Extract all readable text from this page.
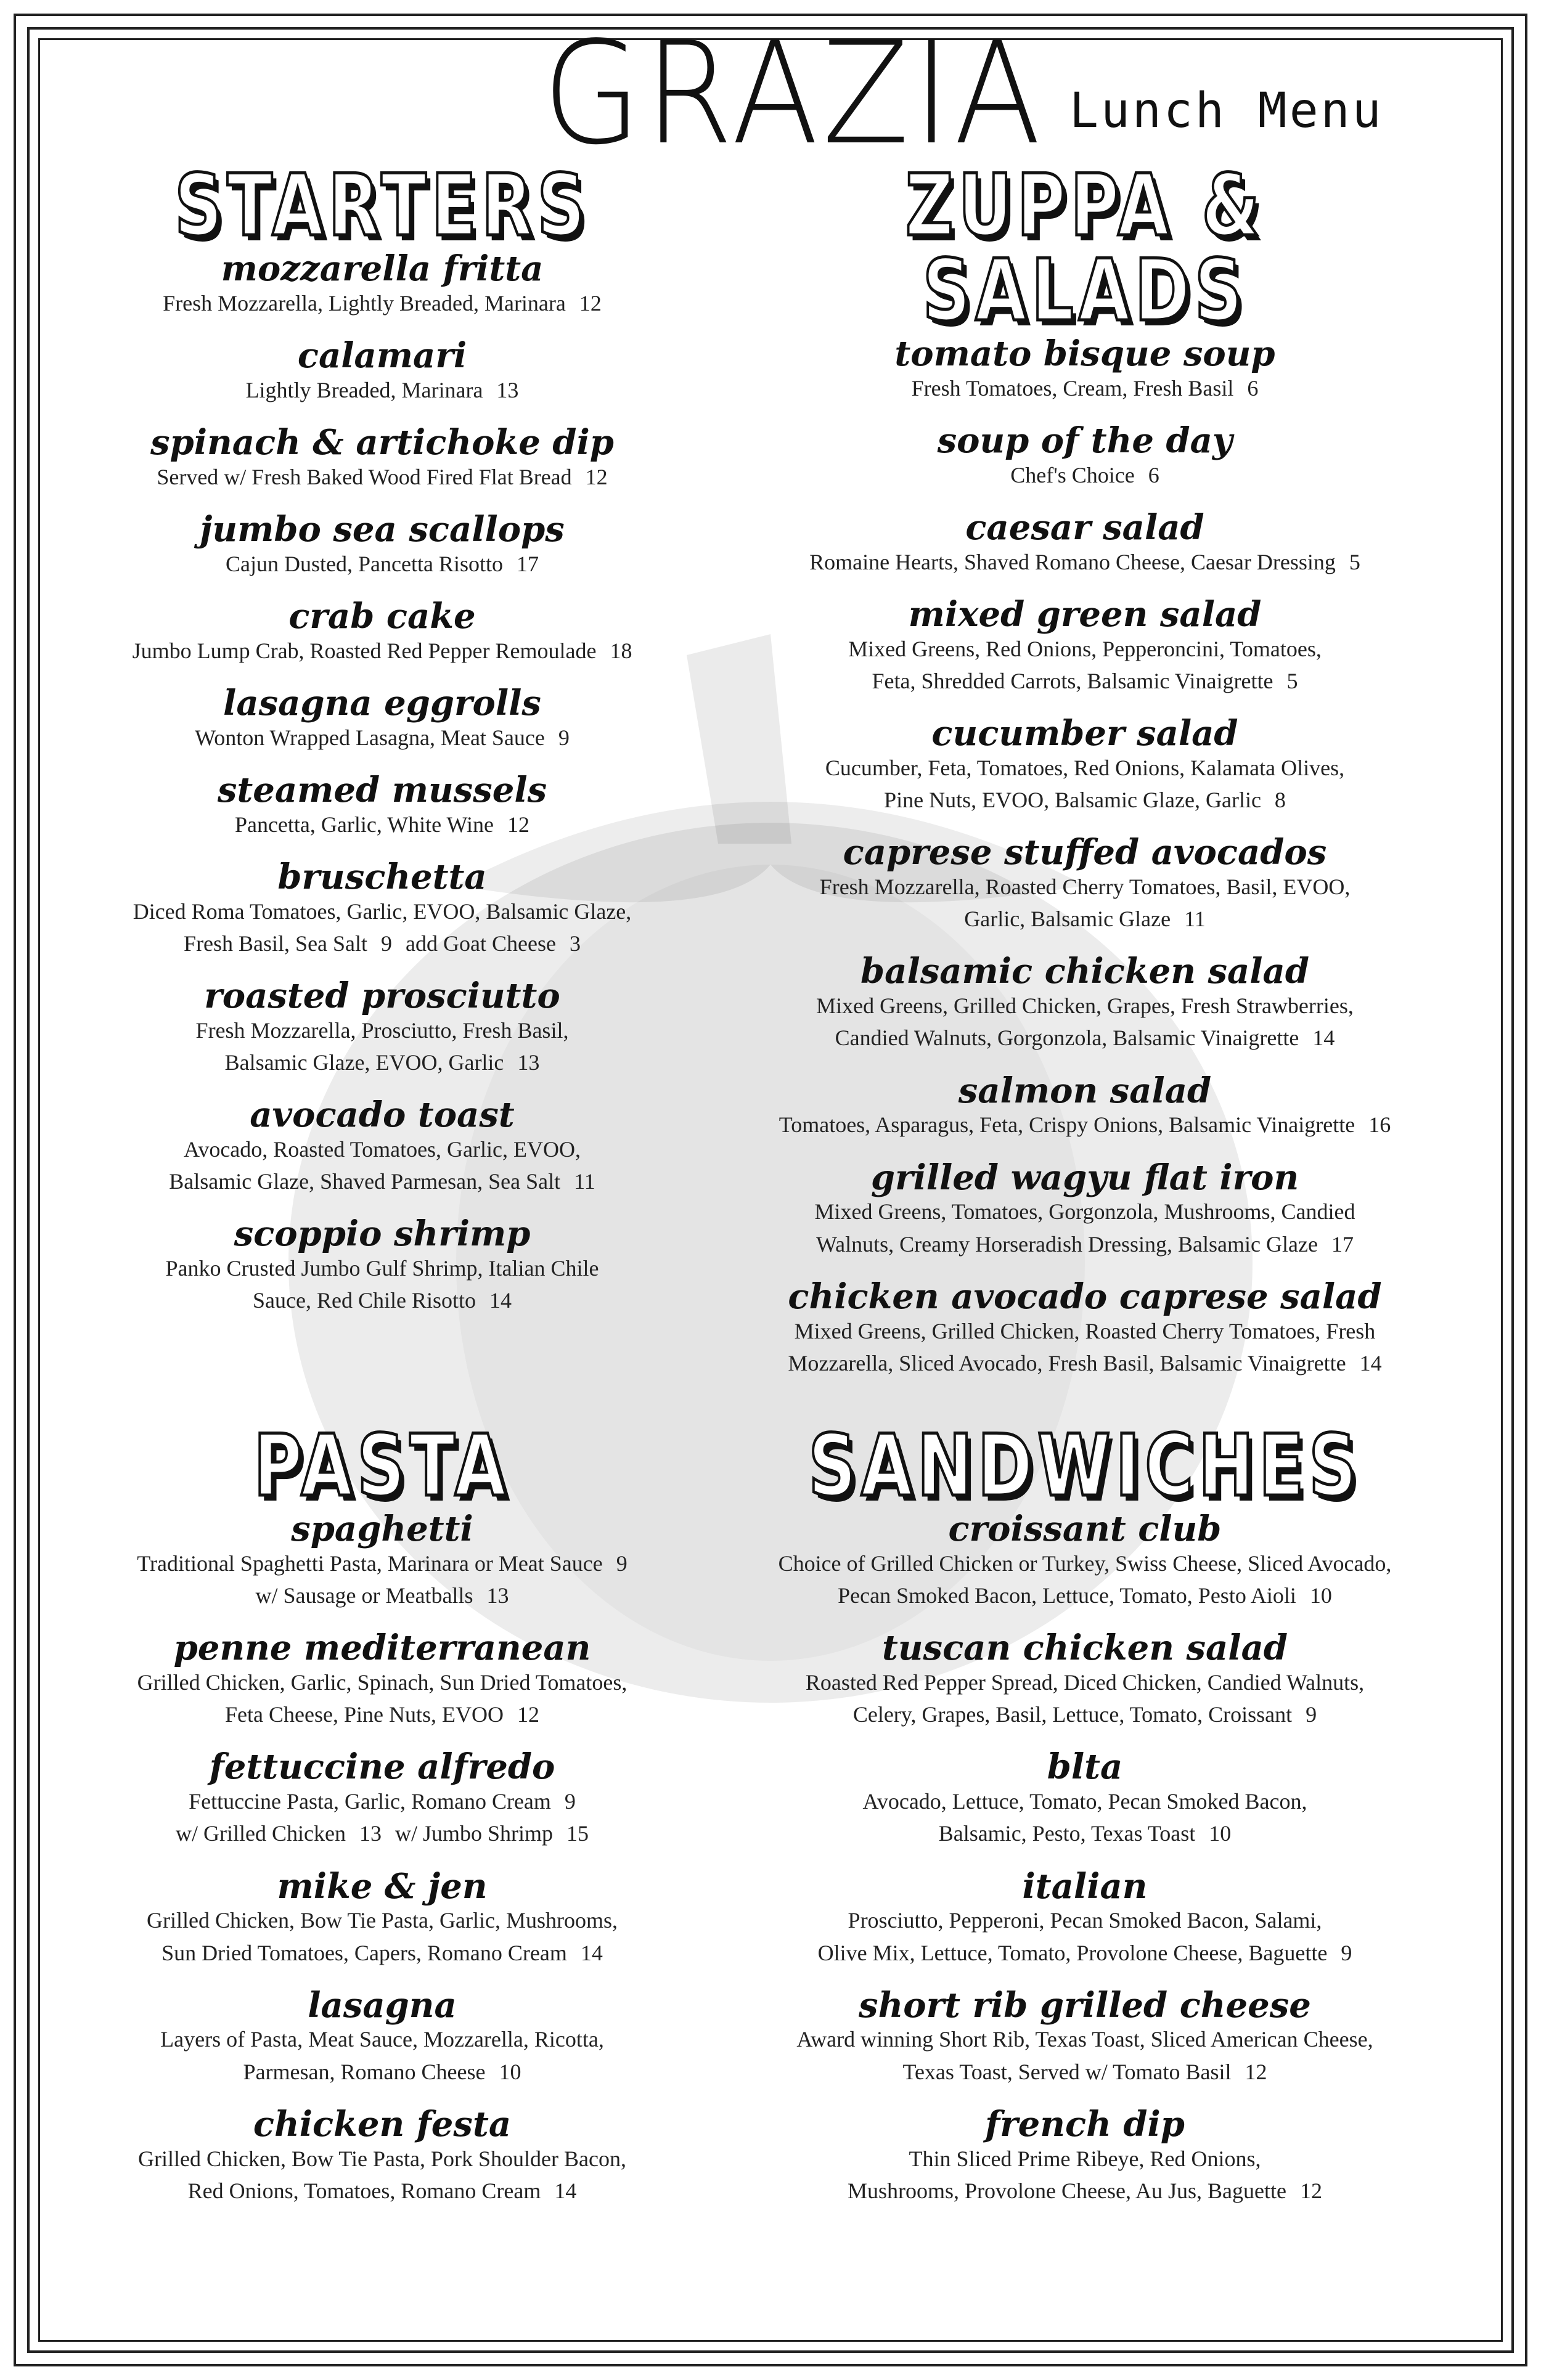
GRAZIA Lunch Menu
STARTERS
mozzarella fritta
Fresh Mozzarella, Lightly Breaded, Marinara 12
calamari
Lightly Breaded, Marinara 13
spinach & artichoke dip
Served w/ Fresh Baked Wood Fired Flat Bread 12
jumbo sea scallops
Cajun Dusted, Pancetta Risotto 17
crab cake
Jumbo Lump Crab, Roasted Red Pepper Remoulade 18
lasagna eggrolls
Wonton Wrapped Lasagna, Meat Sauce 9
steamed mussels
Pancetta, Garlic, White Wine 12
bruschetta
Diced Roma Tomatoes, Garlic, EVOO, Balsamic Glaze,
Fresh Basil, Sea Salt 9 add Goat Cheese 3
roasted prosciutto
Fresh Mozzarella, Prosciutto, Fresh Basil,
Balsamic Glaze, EVOO, Garlic 13
avocado toast
Avocado, Roasted Tomatoes, Garlic, EVOO,
Balsamic Glaze, Shaved Parmesan, Sea Salt 11
scoppio shrimp
Panko Crusted Jumbo Gulf Shrimp, Italian Chile
Sauce, Red Chile Risotto 14
ZUPPA & SALADS
tomato bisque soup
Fresh Tomatoes, Cream, Fresh Basil 6
soup of the day
Chef's Choice 6
caesar salad
Romaine Hearts, Shaved Romano Cheese, Caesar Dressing 5
mixed green salad
Mixed Greens, Red Onions, Pepperoncini, Tomatoes,
Feta, Shredded Carrots, Balsamic Vinaigrette 5
cucumber salad
Cucumber, Feta, Tomatoes, Red Onions, Kalamata Olives,
Pine Nuts, EVOO, Balsamic Glaze, Garlic 8
caprese stuffed avocados
Fresh Mozzarella, Roasted Cherry Tomatoes, Basil, EVOO,
Garlic, Balsamic Glaze 11
balsamic chicken salad
Mixed Greens, Grilled Chicken, Grapes, Fresh Strawberries,
Candied Walnuts, Gorgonzola, Balsamic Vinaigrette 14
salmon salad
Tomatoes, Asparagus, Feta, Crispy Onions, Balsamic Vinaigrette 16
grilled wagyu flat iron
Mixed Greens, Tomatoes, Gorgonzola, Mushrooms, Candied
Walnuts, Creamy Horseradish Dressing, Balsamic Glaze 17
chicken avocado caprese salad
Mixed Greens, Grilled Chicken, Roasted Cherry Tomatoes, Fresh
Mozzarella, Sliced Avocado, Fresh Basil, Balsamic Vinaigrette 14
PASTA
spaghetti
Traditional Spaghetti Pasta, Marinara or Meat Sauce 9
w/ Sausage or Meatballs 13
penne mediterranean
Grilled Chicken, Garlic, Spinach, Sun Dried Tomatoes,
Feta Cheese, Pine Nuts, EVOO 12
fettuccine alfredo
Fettuccine Pasta, Garlic, Romano Cream 9
w/ Grilled Chicken 13 w/ Jumbo Shrimp 15
mike & jen
Grilled Chicken, Bow Tie Pasta, Garlic, Mushrooms,
Sun Dried Tomatoes, Capers, Romano Cream 14
lasagna
Layers of Pasta, Meat Sauce, Mozzarella, Ricotta,
Parmesan, Romano Cheese 10
chicken festa
Grilled Chicken, Bow Tie Pasta, Pork Shoulder Bacon,
Red Onions, Tomatoes, Romano Cream 14
SANDWICHES
croissant club
Choice of Grilled Chicken or Turkey, Swiss Cheese, Sliced Avocado,
Pecan Smoked Bacon, Lettuce, Tomato, Pesto Aioli 10
tuscan chicken salad
Roasted Red Pepper Spread, Diced Chicken, Candied Walnuts,
Celery, Grapes, Basil, Lettuce, Tomato, Croissant 9
blta
Avocado, Lettuce, Tomato, Pecan Smoked Bacon,
Balsamic, Pesto, Texas Toast 10
italian
Prosciutto, Pepperoni, Pecan Smoked Bacon, Salami,
Olive Mix, Lettuce, Tomato, Provolone Cheese, Baguette 9
short rib grilled cheese
Award winning Short Rib, Texas Toast, Sliced American Cheese,
Texas Toast, Served w/ Tomato Basil 12
french dip
Thin Sliced Prime Ribeye, Red Onions,
Mushrooms, Provolone Cheese, Au Jus, Baguette 12
